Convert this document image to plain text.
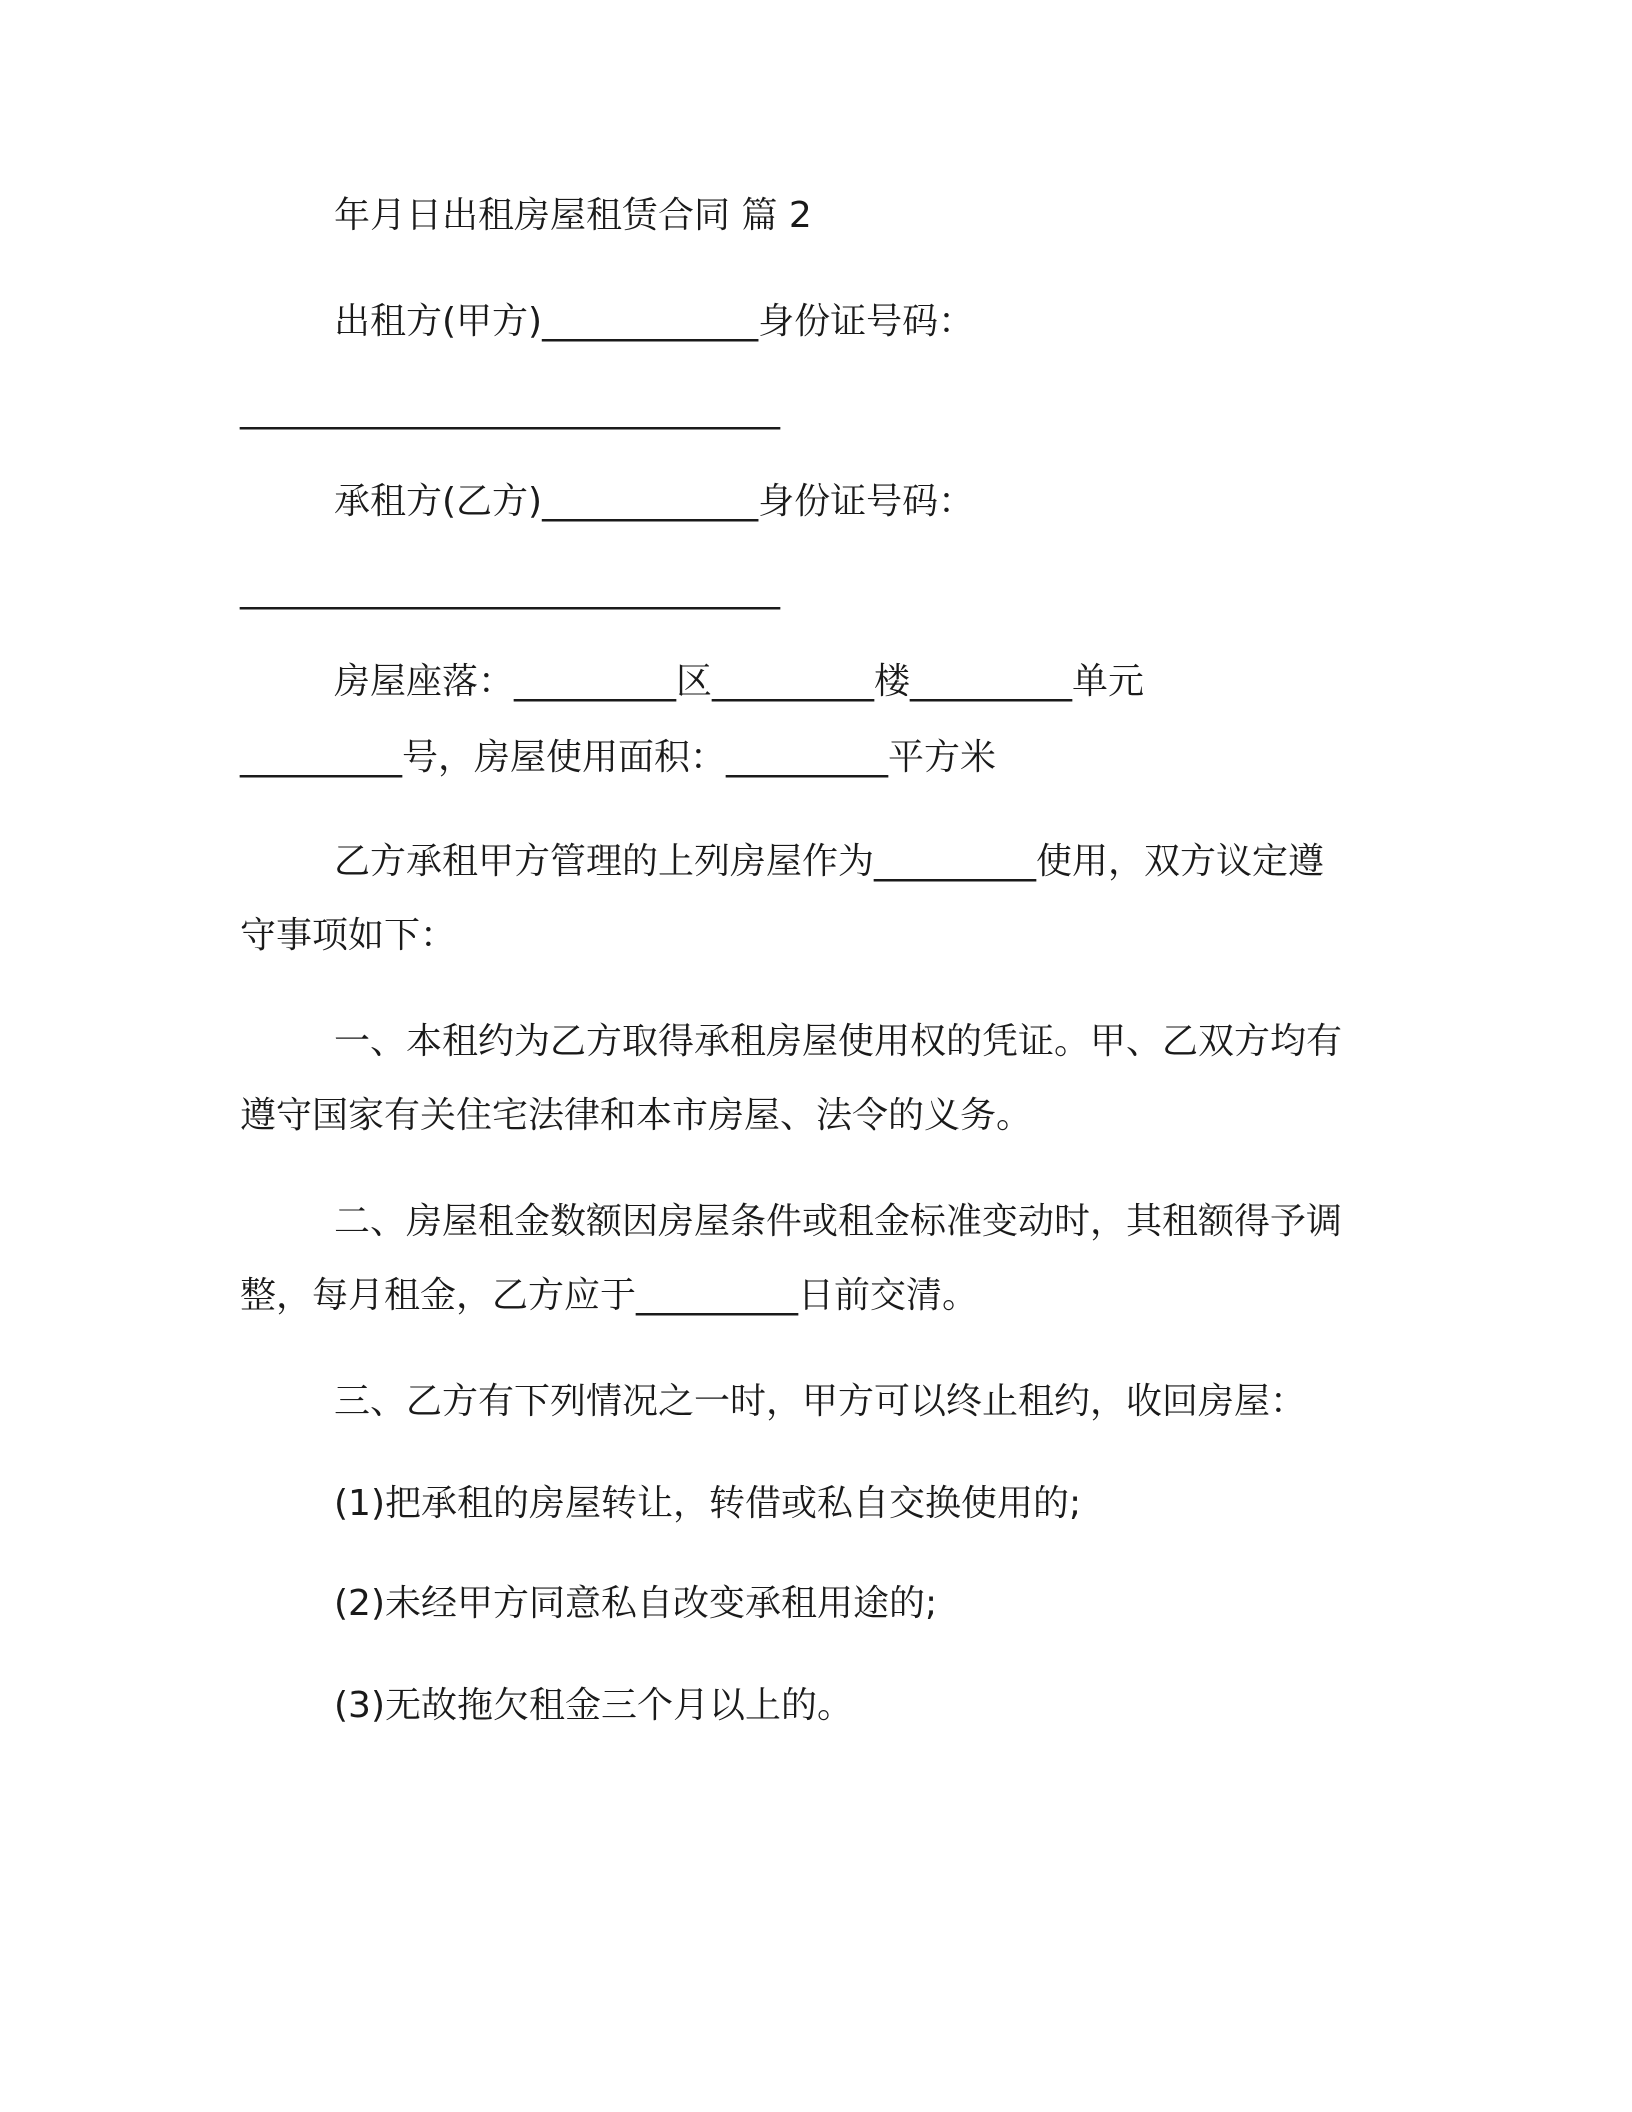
年月日出租房屋租赁合同 篇 2

出租方(甲方)____________身份证号码：

______________________________

承租方(乙方)____________身份证号码：

______________________________

房屋座落：_________区_________楼_________单元

_________号，房屋使用面积：_________平方米

乙方承租甲方管理的上列房屋作为_________使用，双方议定遵

守事项如下：

一、本租约为乙方取得承租房屋使用权的凭证。甲、乙双方均有

遵守国家有关住宅法律和本市房屋、法令的义务。

二、房屋租金数额因房屋条件或租金标准变动时，其租额得予调

整，每月租金，乙方应于_________日前交清。

三、乙方有下列情况之一时，甲方可以终止租约，收回房屋：

(1)把承租的房屋转让，转借或私自交换使用的;

(2)未经甲方同意私自改变承租用途的;

(3)无故拖欠租金三个月以上的。
